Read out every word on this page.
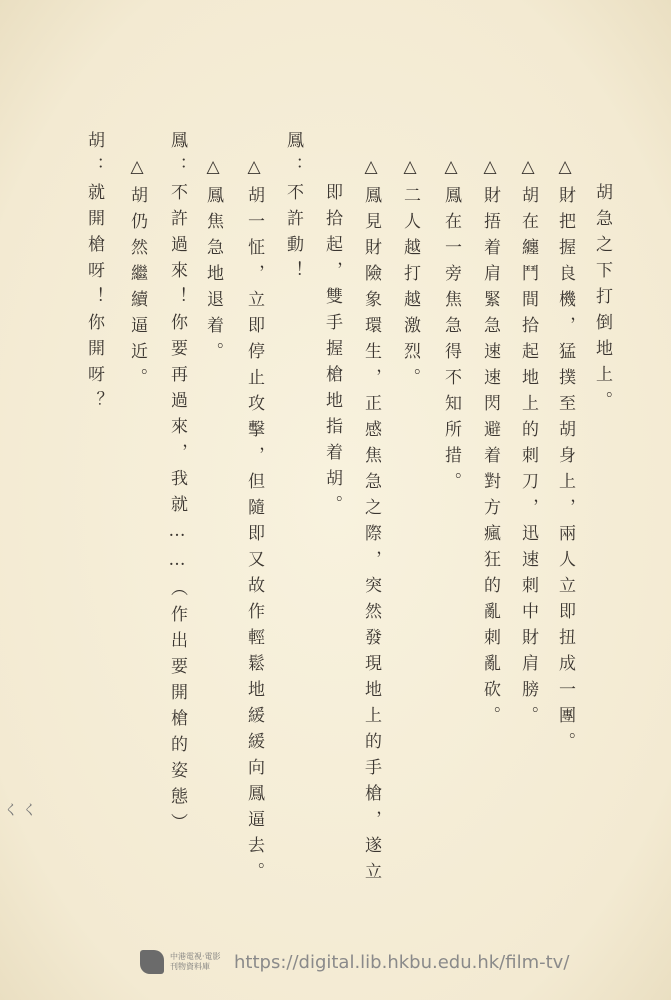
胡急之下打倒地上。
△財把握良機，猛撲至胡身上，兩人立即扭成一團。
△胡在纏鬥間拾起地上的刺刀，迅速刺中財肩膀。
△財捂着肩緊急速速閃避着對方瘋狂的亂刺亂砍。
△鳳在一旁焦急得不知所措。
△二人越打越激烈。
△鳳見財險象環生，正感焦急之際，突然發現地上的手槍，遂立
即拾起，雙手握槍地指着胡。
鳳：不許動！
△胡一怔，立即停止攻擊，但隨即又故作輕鬆地緩緩向鳳逼去。
△鳳焦急地退着。
鳳：不許過來！你要再過來，我就……（作出要開槍的姿態）
△胡仍然繼續逼近。
胡：就開槍呀！你開呀？
く く
中港電視·電影 刊物資料庫	https://digital.lib.hkbu.edu.hk/film-tv/
